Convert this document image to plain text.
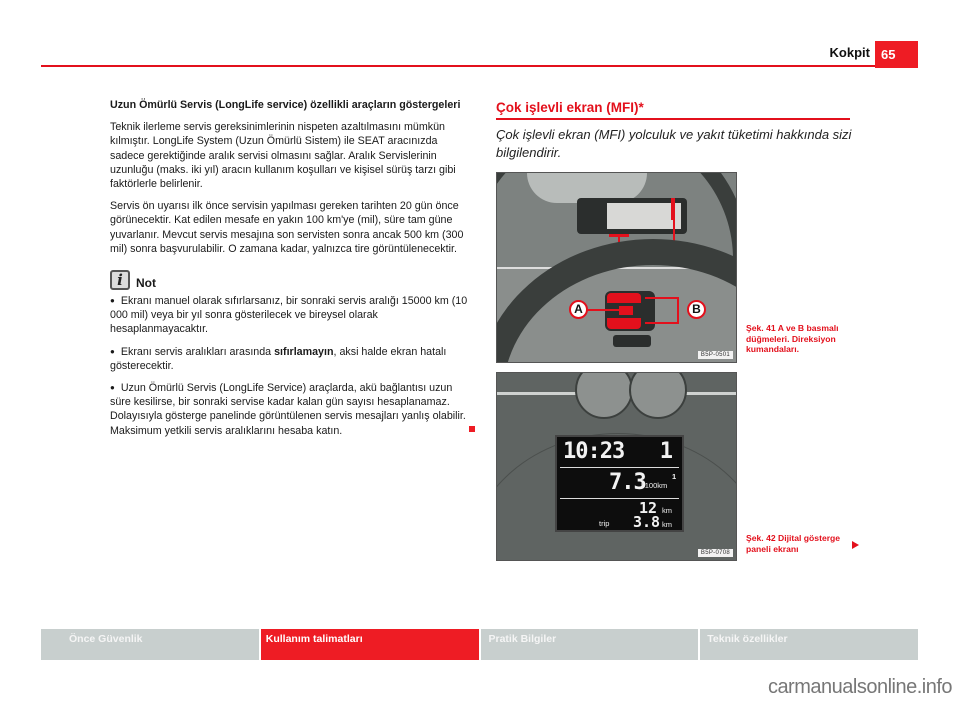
Kokpit 65

Uzun Ömürlü Servis (LongLife service) özellikli araçların göstergeleri

Teknik ilerleme servis gereksinimlerinin nispeten azaltılmasını mümkün kılmıştır. LongLife System (Uzun Ömürlü Sistem) ile SEAT aracınızda sadece gerektiğinde aralık servisi olmasını sağlar. Aralık Servislerinin uzunluğu (maks. iki yıl) aracın kullanım koşulları ve kişisel sürüş tarzı gibi faktörlerle belirlenir.

Servis ön uyarısı ilk önce servisin yapılması gereken tarihten 20 gün önce görünecektir. Kat edilen mesafe en yakın 100 km'ye (mil), süre tam güne yuvarlanır. Mevcut servis mesajına son servisten sonra ancak 500 km (300 mil) sonra başvurulabilir. O zamana kadar, yalnızca tire görüntülenecektir.

i	Not

● Ekranı manuel olarak sıfırlarsanız, bir sonraki servis aralığı 15000 km (10 000 mil) veya bir yıl sonra gösterilecek ve bireysel olarak hesaplanmayacaktır.

● Ekranı servis aralıkları arasında sıfırlamayın, aksi halde ekran hatalı gösterecektir.

● Uzun Ömürlü Servis (LongLife Service) araçlarda, akü bağlantısı uzun süre kesilirse, bir sonraki servise kadar kalan gün sayısı hesaplanamaz. Dolayısıyla gösterge panelinde görüntülenen servis mesajları yanlış olabilir. Maksimum yetkili servis aralıklarını hesaba katın.

Çok işlevli ekran (MFI)*
Çok işlevli ekran (MFI) yolculuk ve yakıt tüketimi hakkında sizi bilgilendirir.
A	B
A	B
B5P-0501
Şek. 41 A ve B basmalı düğmeleri. Direksiyon kumandaları.
10:23 1
7.3
l/100km
1
12 km
trip 3.8 km
B5P-0708
Şek. 42 Dijital gösterge paneli ekranı
Önce Güvenlik	Kullanım talimatları	Pratik Bilgiler	Teknik özellikler
carmanualsonline.info
